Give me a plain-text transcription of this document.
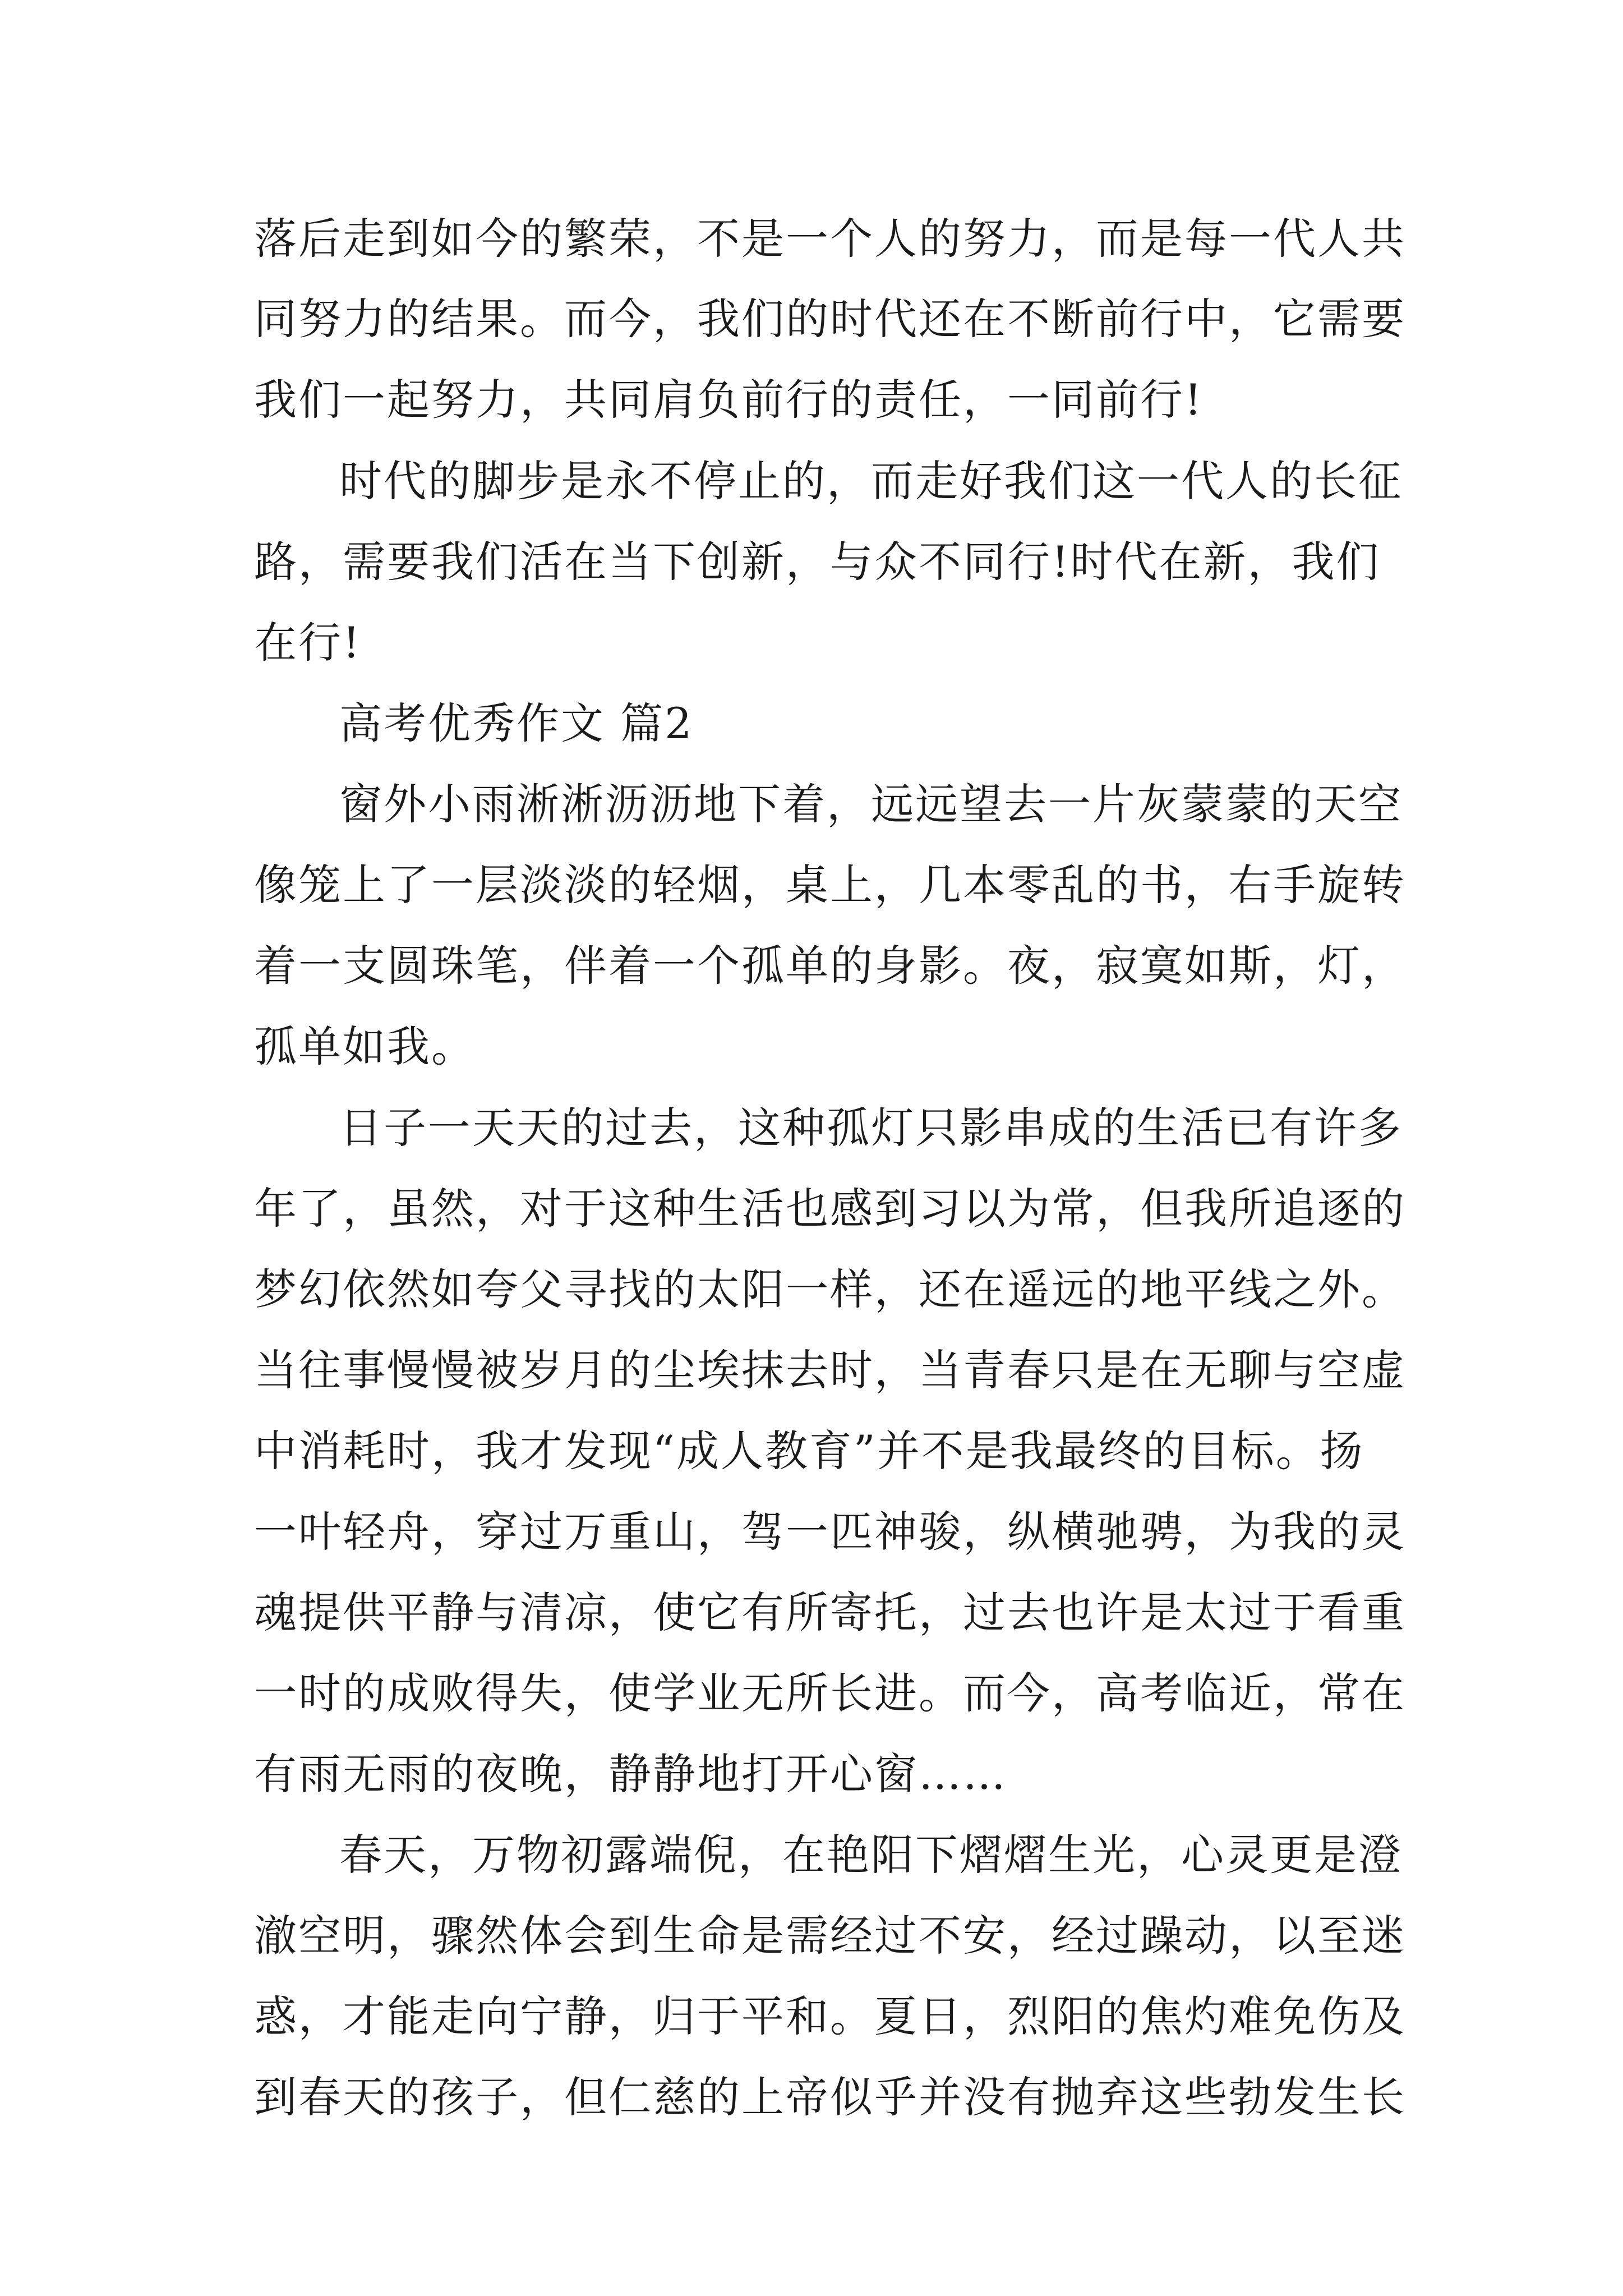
落后走到如今的繁荣，不是一个人的努力，而是每一代人共

同努力的结果。而今，我们的时代还在不断前行中，它需要

我们一起努力，共同肩负前行的责任，一同前行!

时代的脚步是永不停止的，而走好我们这一代人的长征

路，需要我们活在当下创新，与众不同行!时代在新，我们

在行!

高考优秀作文 篇2

窗外小雨淅淅沥沥地下着，远远望去一片灰蒙蒙的天空

像笼上了一层淡淡的轻烟，桌上，几本零乱的书，右手旋转

着一支圆珠笔，伴着一个孤单的身影。夜，寂寞如斯，灯，

孤单如我。

日子一天天的过去，这种孤灯只影串成的生活已有许多

年了，虽然，对于这种生活也感到习以为常，但我所追逐的

梦幻依然如夸父寻找的太阳一样，还在遥远的地平线之外。

当往事慢慢被岁月的尘埃抹去时，当青春只是在无聊与空虚

中消耗时，我才发现“成人教育”并不是我最终的目标。扬

一叶轻舟，穿过万重山，驾一匹神骏，纵横驰骋，为我的灵

魂提供平静与清凉，使它有所寄托，过去也许是太过于看重

一时的成败得失，使学业无所长进。而今，高考临近，常在

有雨无雨的夜晚，静静地打开心窗……

春天，万物初露端倪，在艳阳下熠熠生光，心灵更是澄

澈空明，骤然体会到生命是需经过不安，经过躁动，以至迷

惑，才能走向宁静，归于平和。夏日，烈阳的焦灼难免伤及

到春天的孩子，但仁慈的上帝似乎并没有抛弃这些勃发生长
